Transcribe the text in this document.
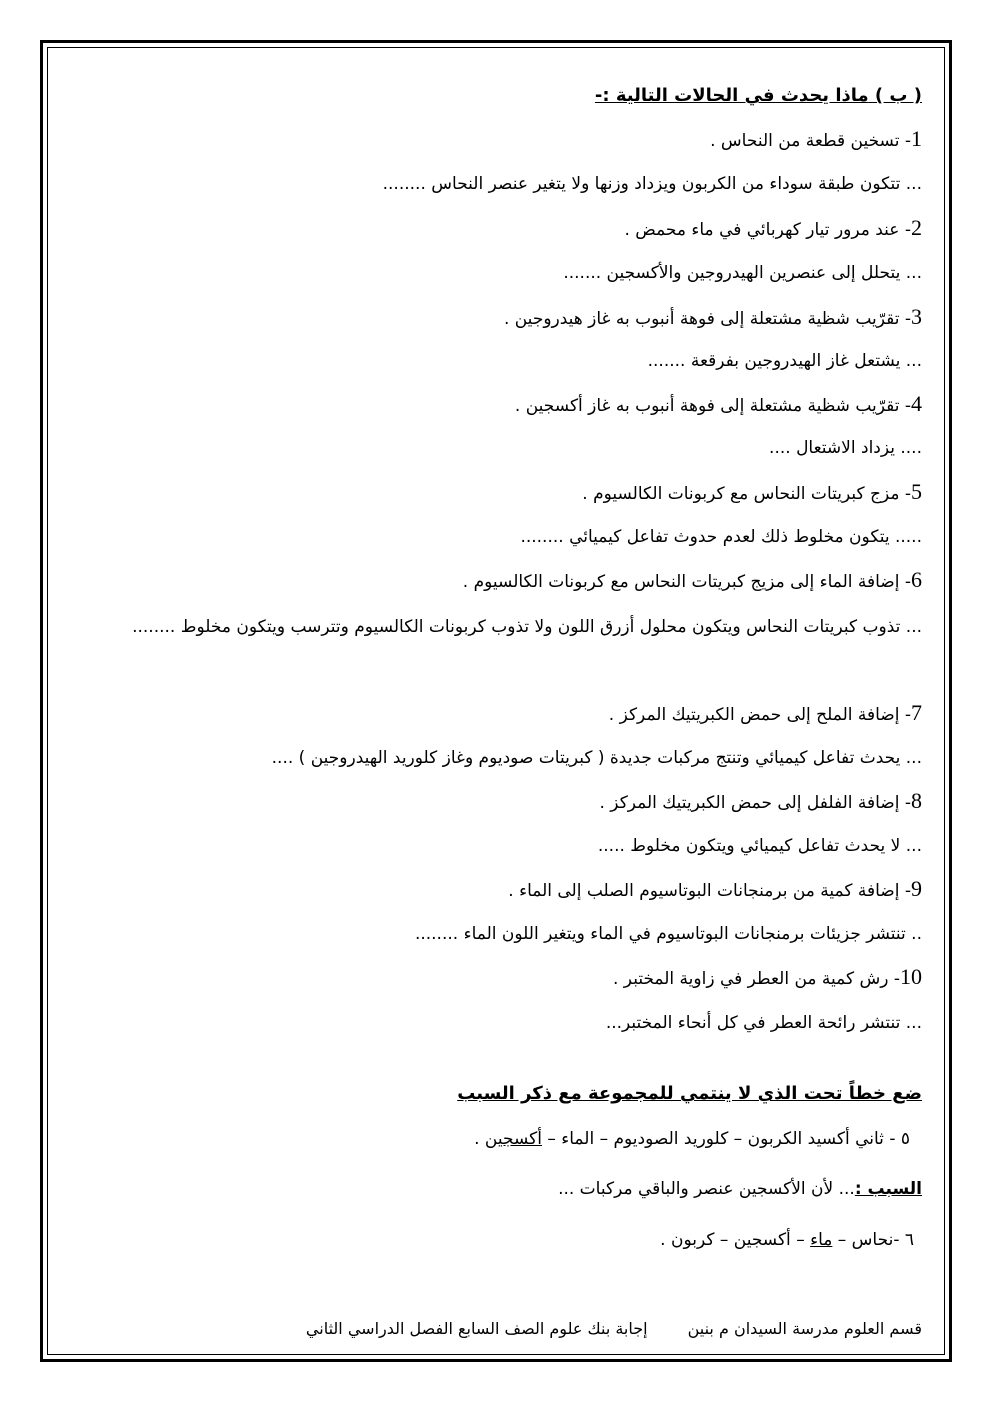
( ب ) ماذا يحدث في الحالات التالية :-
1- تسخين قطعة من النحاس .
... تتكون طبقة سوداء من الكربون ويزداد وزنها ولا يتغير عنصر النحاس ........
2- عند مرور تيار كهربائي في ماء محمض .
... يتحلل إلى عنصرين الهيدروجين والأكسجين .......
3- تقرّيب شظية مشتعلة إلى فوهة أنبوب به غاز هيدروجين .
... يشتعل غاز الهيدروجين بفرقعة .......
4- تقرّيب شظية مشتعلة إلى فوهة أنبوب به غاز أكسجين .
.... يزداد الاشتعال ....
5- مزج كبريتات النحاس مع كربونات الكالسيوم .
..... يتكون مخلوط ذلك لعدم حدوث تفاعل كيميائي ........
6- إضافة الماء إلى مزيج كبريتات النحاس مع كربونات الكالسيوم .
... تذوب كبريتات النحاس ويتكون محلول أزرق اللون ولا تذوب كربونات الكالسيوم وتترسب ويتكون مخلوط ........
7- إضافة الملح إلى حمض الكبريتيك المركز .
... يحدث تفاعل كيميائي وتنتج مركبات جديدة ( كبريتات صوديوم وغاز كلوريد الهيدروجين ) ....
8- إضافة الفلفل إلى حمض الكبريتيك المركز .
... لا يحدث تفاعل كيميائي ويتكون مخلوط .....
9- إضافة كمية من برمنجانات البوتاسيوم الصلب إلى الماء .
.. تنتشر جزيئات برمنجانات البوتاسيوم في الماء ويتغير اللون الماء ........
10- رش كمية من العطر في زاوية المختبر .
... تنتشر رائحة العطر في كل أنحاء المختبر...
ضع خطاً تحت الذي لا ينتمي للمجموعة مع ذكر السبب
٥ - ثاني أكسيد الكربون – كلوريد الصوديوم – الماء – أكسجين .
السبب :... لأن الأكسجين عنصر والباقي مركبات ...
٦ -نحاس – ماء – أكسجين – كربون .
قسم العلوم مدرسة السيدان م بنينإجابة بنك علوم الصف السابع الفصل الدراسي الثاني
